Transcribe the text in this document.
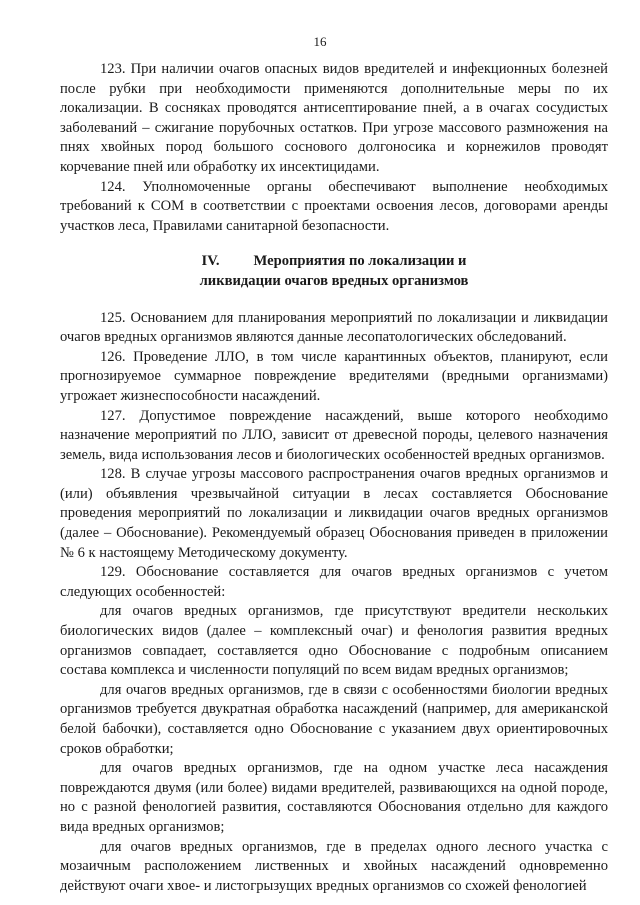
16

123. При наличии очагов опасных видов вредителей и инфекционных болезней после рубки при необходимости применяются дополнительные меры по их локализации. В сосняках проводятся антисептирование пней, а в очагах сосудистых заболеваний – сжигание порубочных остатков. При угрозе массового размножения на пнях хвойных пород большого соснового долгоносика и корнежилов проводят корчевание пней или обработку их инсектицидами.

124. Уполномоченные органы обеспечивают выполнение необходимых требований к СОМ в соответствии с проектами освоения лесов, договорами аренды участков леса, Правилами санитарной безопасности.

IV. Мероприятия по локализации и
ликвидации очагов вредных организмов

125. Основанием для планирования мероприятий по локализации и ликвидации очагов вредных организмов являются данные лесопатологических обследований.

126. Проведение ЛЛО, в том числе карантинных объектов, планируют, если прогнозируемое суммарное повреждение вредителями (вредными организмами) угрожает жизнеспособности насаждений.

127. Допустимое повреждение насаждений, выше которого необходимо назначение мероприятий по ЛЛО, зависит от древесной породы, целевого назначения земель, вида использования лесов и биологических особенностей вредных организмов.

128. В случае угрозы массового распространения очагов вредных организмов и (или) объявления чрезвычайной ситуации в лесах составляется Обоснование проведения мероприятий по локализации и ликвидации очагов вредных организмов (далее – Обоснование). Рекомендуемый образец Обоснования приведен в приложении № 6 к настоящему Методическому документу.

129. Обоснование составляется для очагов вредных организмов с учетом следующих особенностей:

для очагов вредных организмов, где присутствуют вредители нескольких биологических видов (далее – комплексный очаг) и фенология развития вредных организмов совпадает, составляется одно Обоснование с подробным описанием состава комплекса и численности популяций по всем видам вредных организмов;

для очагов вредных организмов, где в связи с особенностями биологии вредных организмов требуется двукратная обработка насаждений (например, для американской белой бабочки), составляется одно Обоснование с указанием двух ориентировочных сроков обработки;

для очагов вредных организмов, где на одном участке леса насаждения повреждаются двумя (или более) видами вредителей, развивающихся на одной породе, но с разной фенологией развития, составляются Обоснования отдельно для каждого вида вредных организмов;

для очагов вредных организмов, где в пределах одного лесного участка с мозаичным расположением лиственных и хвойных насаждений одновременно действуют очаги хвое- и листогрызущих вредных организмов со схожей фенологией
